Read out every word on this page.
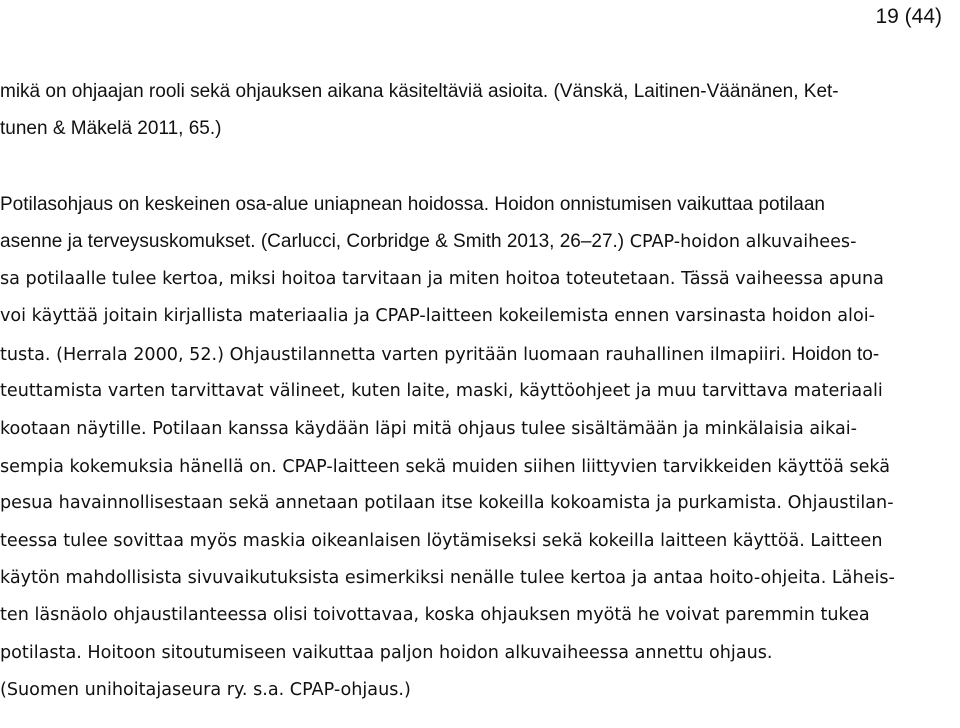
19 (44)
mikä on ohjaajan rooli sekä ohjauksen aikana käsiteltäviä asioita. (Vänskä, Laitinen-Väänänen, Ket-
tunen & Mäkelä 2011, 65.)
Potilasohjaus on keskeinen osa-alue uniapnean hoidossa. Hoidon onnistumisen vaikuttaa potilaan
asenne ja terveysuskomukset. (Carlucci, Corbridge & Smith 2013, 26–27.) CPAP-hoidon alkuvaihees-
sa potilaalle tulee kertoa, miksi hoitoa tarvitaan ja miten hoitoa toteutetaan. Tässä vaiheessa apuna
voi käyttää joitain kirjallista materiaalia ja CPAP-laitteen kokeilemista ennen varsinasta hoidon aloi-
tusta. (Herrala 2000, 52.) Ohjaustilannetta varten pyritään luomaan rauhallinen ilmapiiri. Hoidon to-
teuttamista varten tarvittavat välineet, kuten laite, maski, käyttöohjeet ja muu tarvittava materiaali
kootaan näytille. Potilaan kanssa käydään läpi mitä ohjaus tulee sisältämään ja minkälaisia aikai-
sempia kokemuksia hänellä on. CPAP-laitteen sekä muiden siihen liittyvien tarvikkeiden käyttöä sekä
pesua havainnollisestaan sekä annetaan potilaan itse kokeilla kokoamista ja purkamista. Ohjaustilan-
teessa tulee sovittaa myös maskia oikeanlaisen löytämiseksi sekä kokeilla laitteen käyttöä. Laitteen
käytön mahdollisista sivuvaikutuksista esimerkiksi nenälle tulee kertoa ja antaa hoito-ohjeita. Läheis-
ten läsnäolo ohjaustilanteessa olisi toivottavaa, koska ohjauksen myötä he voivat paremmin tukea
potilasta. Hoitoon sitoutumiseen vaikuttaa paljon hoidon alkuvaiheessa annettu ohjaus.
(Suomen unihoitajaseura ry. s.a. CPAP-ohjaus.)
